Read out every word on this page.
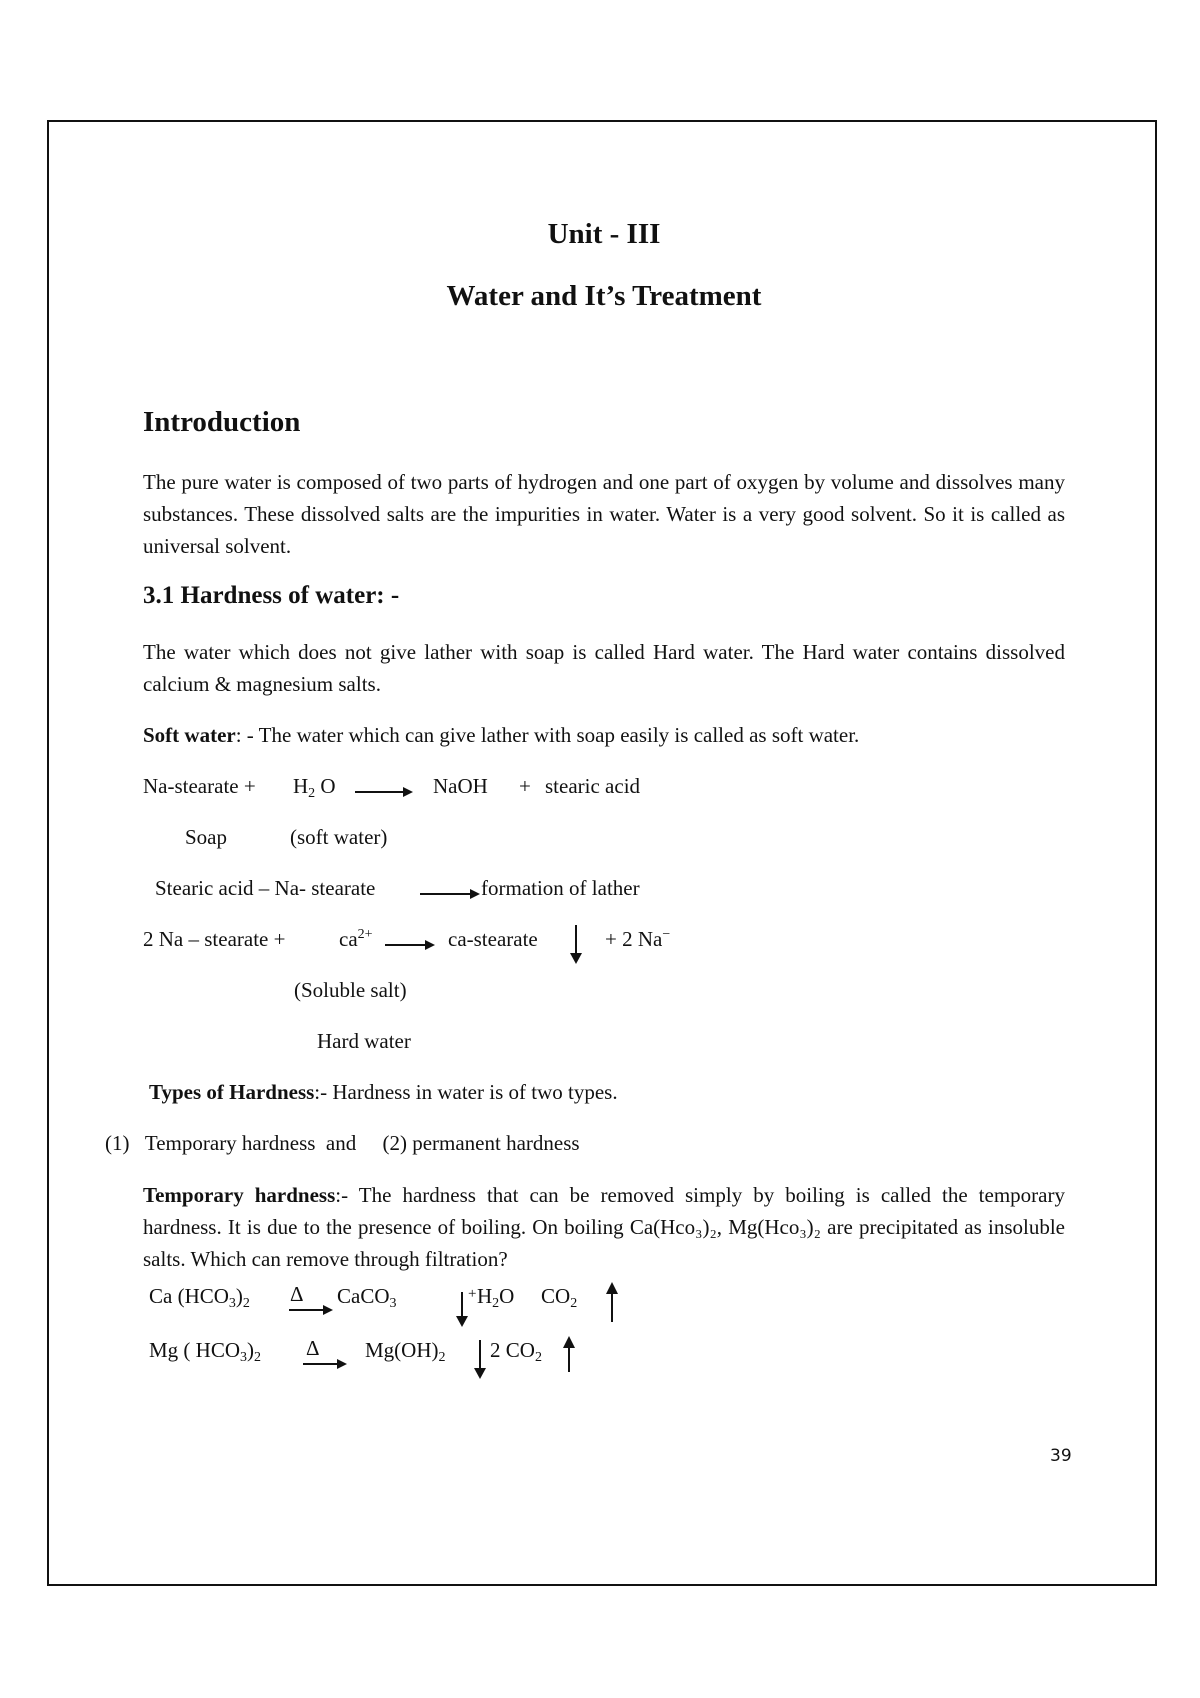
Unit - III
Water and It’s Treatment
Introduction
The pure water is composed of two parts of hydrogen and one part of oxygen by volume and dissolves many substances. These dissolved salts are the impurities in water. Water is a very good solvent. So it is called as universal solvent.
3.1 Hardness of water: -
The water which does not give lather with soap is called Hard water. The Hard water contains dissolved calcium & magnesium salts.
Soft water: - The water which can give lather with soap easily is called as soft water.
Na-stearate + $H_2$ O	NaOH + stearic acid
Soap	(soft water)
Stearic acid – Na- stearate	formation of lather
2 Na – stearate +	$ca^{2+}$	ca-stearate	+ 2 Na−
(Soluble salt)
Hard water
Types of Hardness:- Hardness in water is of two types.
(1)   Temporary hardness  and     (2) permanent hardness
Temporary hardness:- The hardness that can be removed simply by boiling is called the temporary hardness. It is due to the presence of boiling. On boiling Ca(Hco₃)₂, Mg(Hco₃)₂ are precipitated as insoluble salts. Which can remove through filtration?
Ca $(HCO_3)_2$ Δ CaCO$_3$
+ $H_2O$ $CO_2$
Mg ( $HCO_3)_2$ Δ $Mg(OH)_2$ 2 $CO_2$
39
